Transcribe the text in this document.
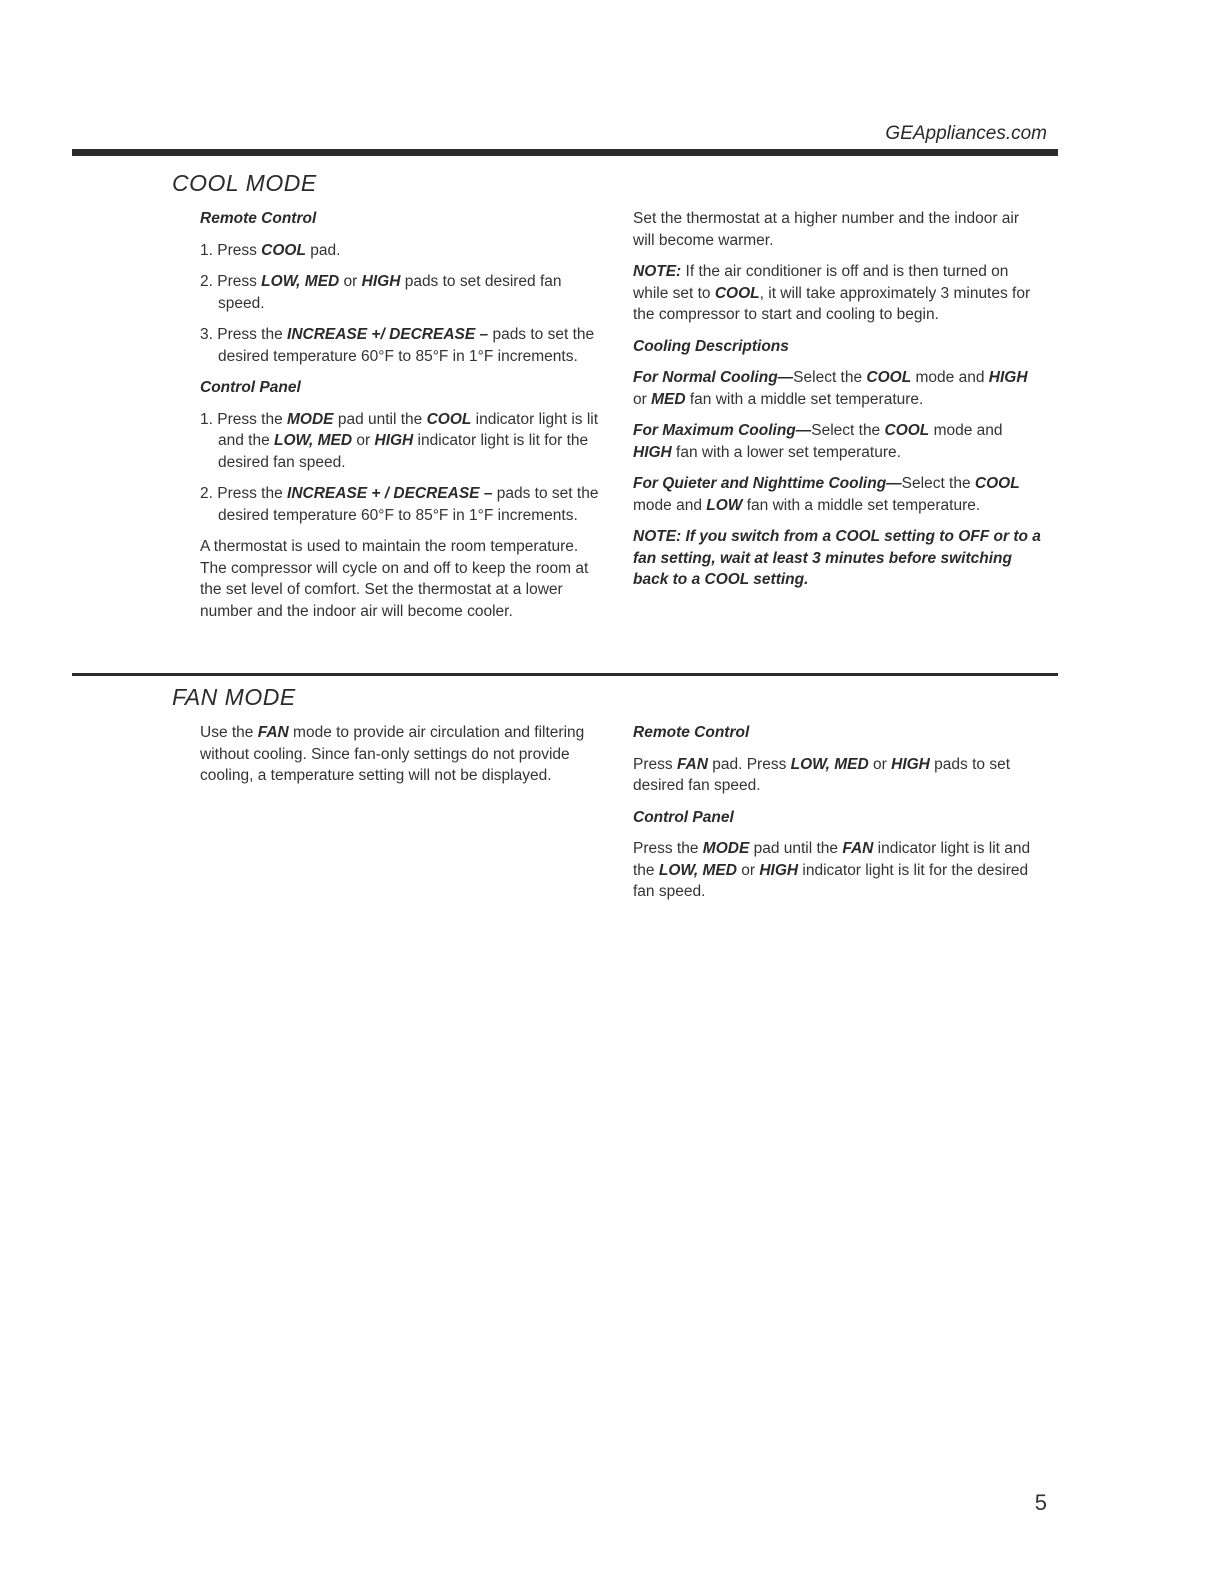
GEAppliances.com
COOL MODE
Remote Control
1. Press COOL pad.
2. Press LOW, MED or HIGH pads to set desired fan speed.
3. Press the INCREASE +/ DECREASE – pads to set the desired temperature 60°F to 85°F in 1°F increments.
Control Panel
1. Press the MODE pad until the COOL indicator light is lit and the LOW, MED or HIGH indicator light is lit for the desired fan speed.
2. Press the INCREASE + / DECREASE – pads to set the desired temperature 60°F to 85°F in 1°F increments.

A thermostat is used to maintain the room temperature. The compressor will cycle on and off to keep the room at the set level of comfort. Set the thermostat at a lower number and the indoor air will become cooler.

Set the thermostat at a higher number and the indoor air will become warmer.

NOTE: If the air conditioner is off and is then turned on while set to COOL, it will take approximately 3 minutes for the compressor to start and cooling to begin.

Cooling Descriptions

For Normal Cooling—Select the COOL mode and HIGH or MED fan with a middle set temperature.

For Maximum Cooling—Select the COOL mode and HIGH fan with a lower set temperature.

For Quieter and Nighttime Cooling—Select the COOL mode and LOW fan with a middle set temperature.

NOTE: If you switch from a COOL setting to OFF or to a fan setting, wait at least 3 minutes before switching back to a COOL setting.

FAN MODE

Use the FAN mode to provide air circulation and filtering without cooling. Since fan-only settings do not provide cooling, a temperature setting will not be displayed.

Remote Control

Press FAN pad. Press LOW, MED or HIGH pads to set desired fan speed.

Control Panel

Press the MODE pad until the FAN indicator light is lit and the LOW, MED or HIGH indicator light is lit for the desired fan speed.

5
